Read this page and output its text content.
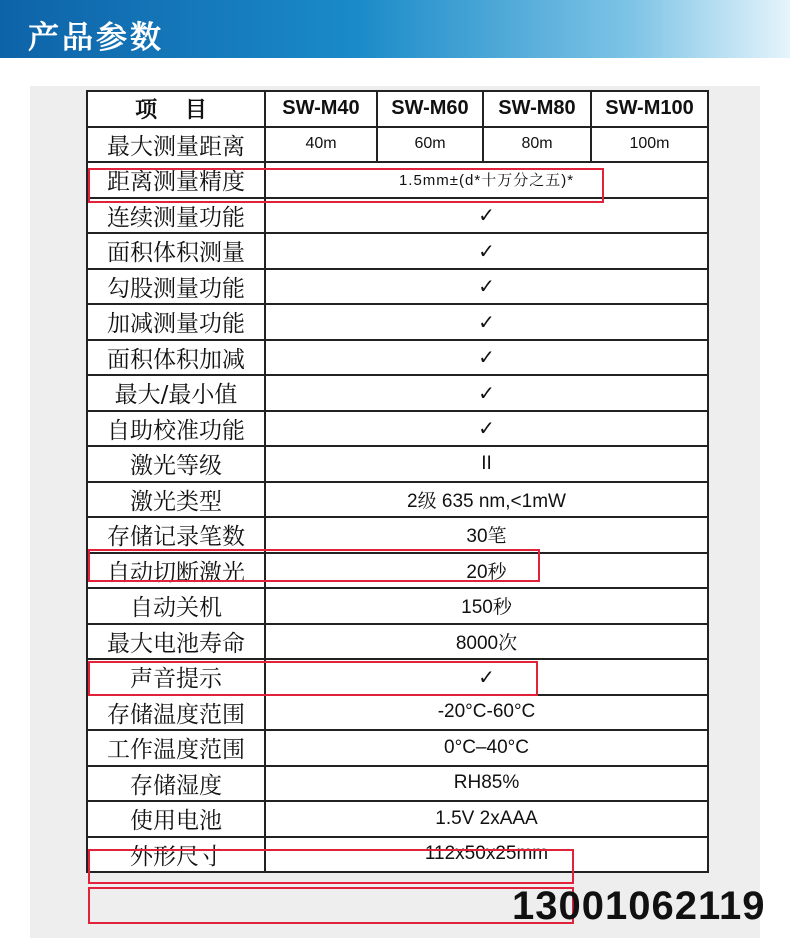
产品参数
项 目	SW-M40	SW-M60	SW-M80	SW-M100
最大测量距离	40m	60m	80m	100m
距离测量精度	1.5mm±(d*十万分之五)*			
连续测量功能	✓			
面积体积测量	✓			
勾股测量功能	✓			
加减测量功能	✓			
面积体积加减	✓			
最大/最小值	✓			
自助校准功能	✓			
激光等级	II			
激光类型	2级 635 nm,<1mW			
存储记录笔数	30笔			
自动切断激光	20秒			
自动关机	150秒			
最大电池寿命	8000次			
声音提示	✓			
存储温度范围	-20°C-60°C			
工作温度范围	0°C–40°C			
存储湿度	RH85%			
使用电池	1.5V 2xAAA			
外形尺寸	112x50x25mm			
13001062119
